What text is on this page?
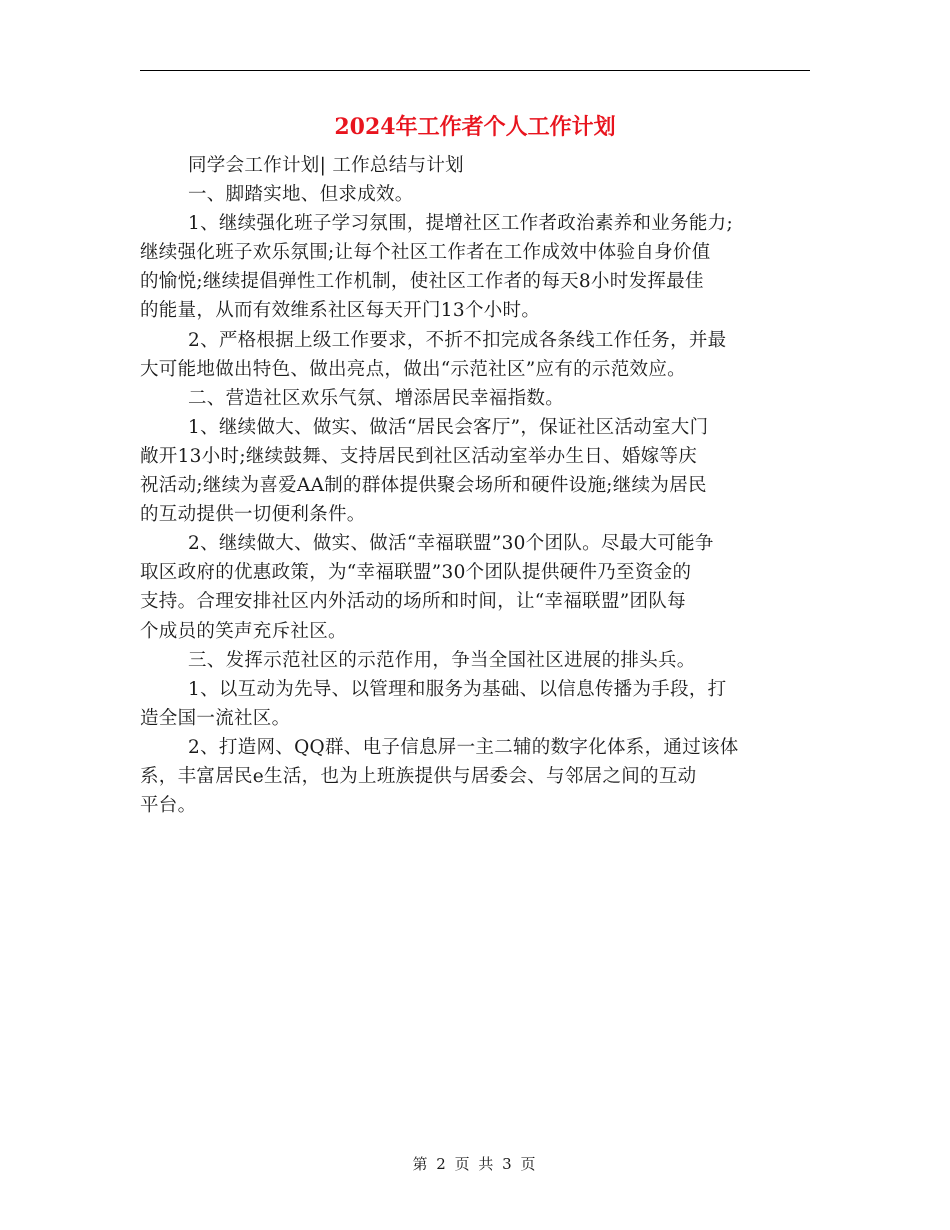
2024年工作者个人工作计划
同学会工作计划| 工作总结与计划
一、脚踏实地、但求成效。
1、继续强化班子学习氛围，提增社区工作者政治素养和业务能力;
继续强化班子欢乐氛围;让每个社区工作者在工作成效中体验自身价值
的愉悦;继续提倡弹性工作机制，使社区工作者的每天8小时发挥最佳
的能量，从而有效维系社区每天开门13个小时。
2、严格根据上级工作要求，不折不扣完成各条线工作任务，并最
大可能地做出特色、做出亮点，做出“示范社区”应有的示范效应。
二、营造社区欢乐气氛、增添居民幸福指数。
1、继续做大、做实、做活“居民会客厅”，保证社区活动室大门
敞开13小时;继续鼓舞、支持居民到社区活动室举办生日、婚嫁等庆
祝活动;继续为喜爱AA制的群体提供聚会场所和硬件设施;继续为居民
的互动提供一切便利条件。
2、继续做大、做实、做活“幸福联盟”30个团队。尽最大可能争
取区政府的优惠政策，为“幸福联盟”30个团队提供硬件乃至资金的
支持。合理安排社区内外活动的场所和时间，让“幸福联盟”团队每
个成员的笑声充斥社区。
三、发挥示范社区的示范作用，争当全国社区进展的排头兵。
1、以互动为先导、以管理和服务为基础、以信息传播为手段，打
造全国一流社区。
2、打造网、QQ群、电子信息屏一主二辅的数字化体系，通过该体
系，丰富居民e生活，也为上班族提供与居委会、与邻居之间的互动
平台。
第 2 页 共 3 页
